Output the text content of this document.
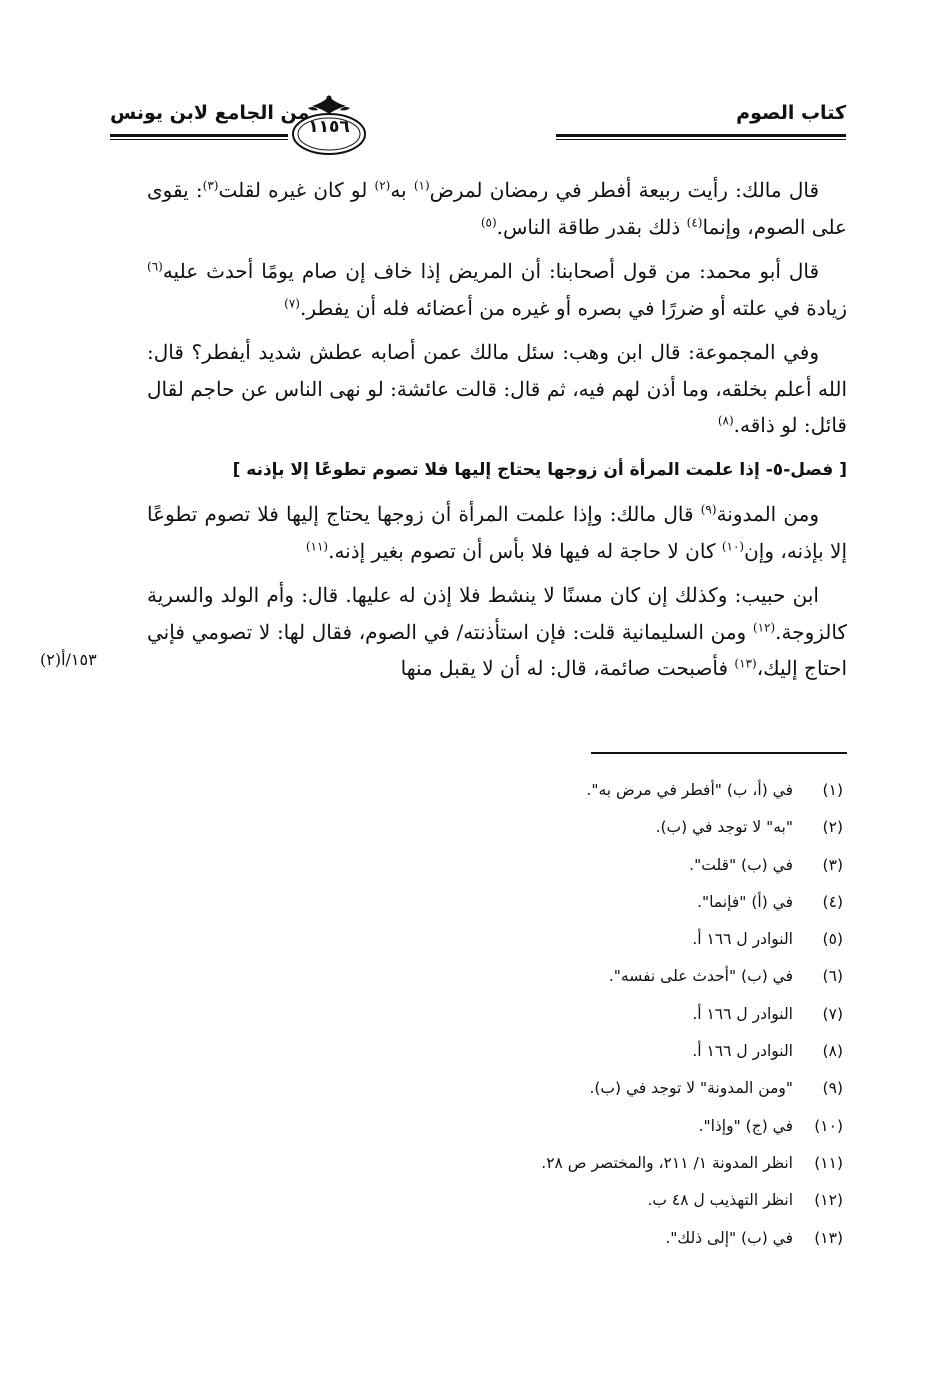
كتاب الصوم
من الجامع لابن يونس
١١٥٦

قال مالك: رأيت ربيعة أفطر في رمضان لمرض$^{(١)}$ به$^{(٢)}$ لو كان غيره لقلت$^{(٣)}$: يقوى على الصوم، وإنما$^{(٤)}$ ذلك بقدر طاقة الناس.$^{(٥)}$

قال أبو محمد: من قول أصحابنا: أن المريض إذا خاف إن صام يومًا أحدث عليه$^{(٦)}$ زيادة في علته أو ضررًا في بصره أو غيره من أعضائه فله أن يفطر.$^{(٧)}$

وفي المجموعة: قال ابن وهب: سئل مالك عمن أصابه عطش شديد أيفطر؟ قال: الله أعلم بخلقه، وما أذن لهم فيه، ثم قال: قالت عائشة: لو نهى الناس عن حاجم لقال قائل: لو ذاقه.$^{(٨)}$

[ فصل-٥- إذا علمت المرأة أن زوجها يحتاج إليها فلا تصوم تطوعًا إلا بإذنه ]

ومن المدونة$^{(٩)}$ قال مالك: وإذا علمت المرأة أن زوجها يحتاج إليها فلا تصوم تطوعًا إلا بإذنه، وإن$^{(١٠)}$ كان لا حاجة له فيها فلا بأس أن تصوم بغير إذنه.$^{(١١)}$

ابن حبيب: وكذلك إن كان مسنًا لا ينشط فلا إذن له عليها. قال: وأم الولد والسرية كالزوجة.$^{(١٢)}$ ومن السليمانية قلت: فإن استأذنته/ في الصوم، فقال لها: لا تصومي فإني احتاج إليك،$^{(١٣)}$ فأصبحت صائمة، قال: له أن لا يقبل منها

١٥٣/أ(٢)
(١)في (أ، ب) "أفطر في مرض به".
(٢)"به" لا توجد في (ب).
(٣)في (ب) "قلت".
(٤)في (أ) "فإنما".
(٥)النوادر ل ١٦٦ أ.
(٦)في (ب) "أحدث على نفسه".
(٧)النوادر ل ١٦٦ أ.
(٨)النوادر ل ١٦٦ أ.
(٩)"ومن المدونة" لا توجد في (ب).
(١٠)في (ج) "وإذا".
(١١)انظر المدونة ١/ ٢١١، والمختصر ص ٢٨.
(١٢)انظر التهذيب ل ٤٨ ب.
(١٣)في (ب) "إلى ذلك".
